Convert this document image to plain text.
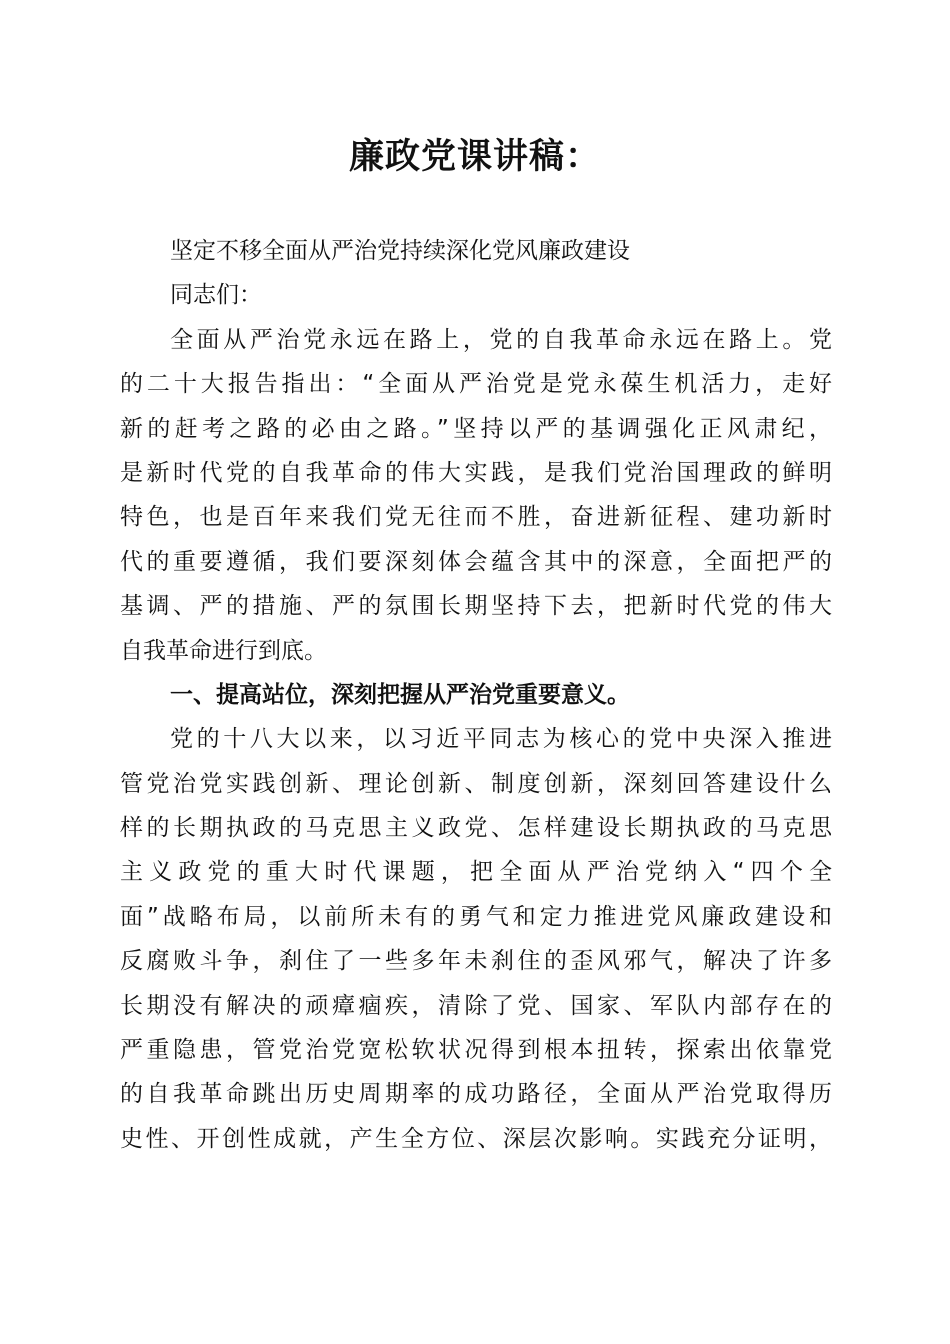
廉政党课讲稿：

坚定不移全面从严治党持续深化党风廉政建设

同志们：

全面从严治党永远在路上，党的自我革命永远在路上。党
的二十大报告指出：“全面从严治党是党永葆生机活力，走好
新的赶考之路的必由之路。”坚持以严的基调强化正风肃纪，
是新时代党的自我革命的伟大实践，是我们党治国理政的鲜明
特色，也是百年来我们党无往而不胜，奋进新征程、建功新时
代的重要遵循，我们要深刻体会蕴含其中的深意，全面把严的
基调、严的措施、严的氛围长期坚持下去，把新时代党的伟大
自我革命进行到底。

一、提高站位，深刻把握从严治党重要意义。

党的十八大以来，以习近平同志为核心的党中央深入推进
管党治党实践创新、理论创新、制度创新，深刻回答建设什么
样的长期执政的马克思主义政党、怎样建设长期执政的马克思
主义政党的重大时代课题，把全面从严治党纳入“四个全
面”战略布局，以前所未有的勇气和定力推进党风廉政建设和
反腐败斗争，刹住了一些多年未刹住的歪风邪气，解决了许多
长期没有解决的顽瘴痼疾，清除了党、国家、军队内部存在的
严重隐患，管党治党宽松软状况得到根本扭转，探索出依靠党
的自我革命跳出历史周期率的成功路径，全面从严治党取得历
史性、开创性成就，产生全方位、深层次影响。实践充分证明，
